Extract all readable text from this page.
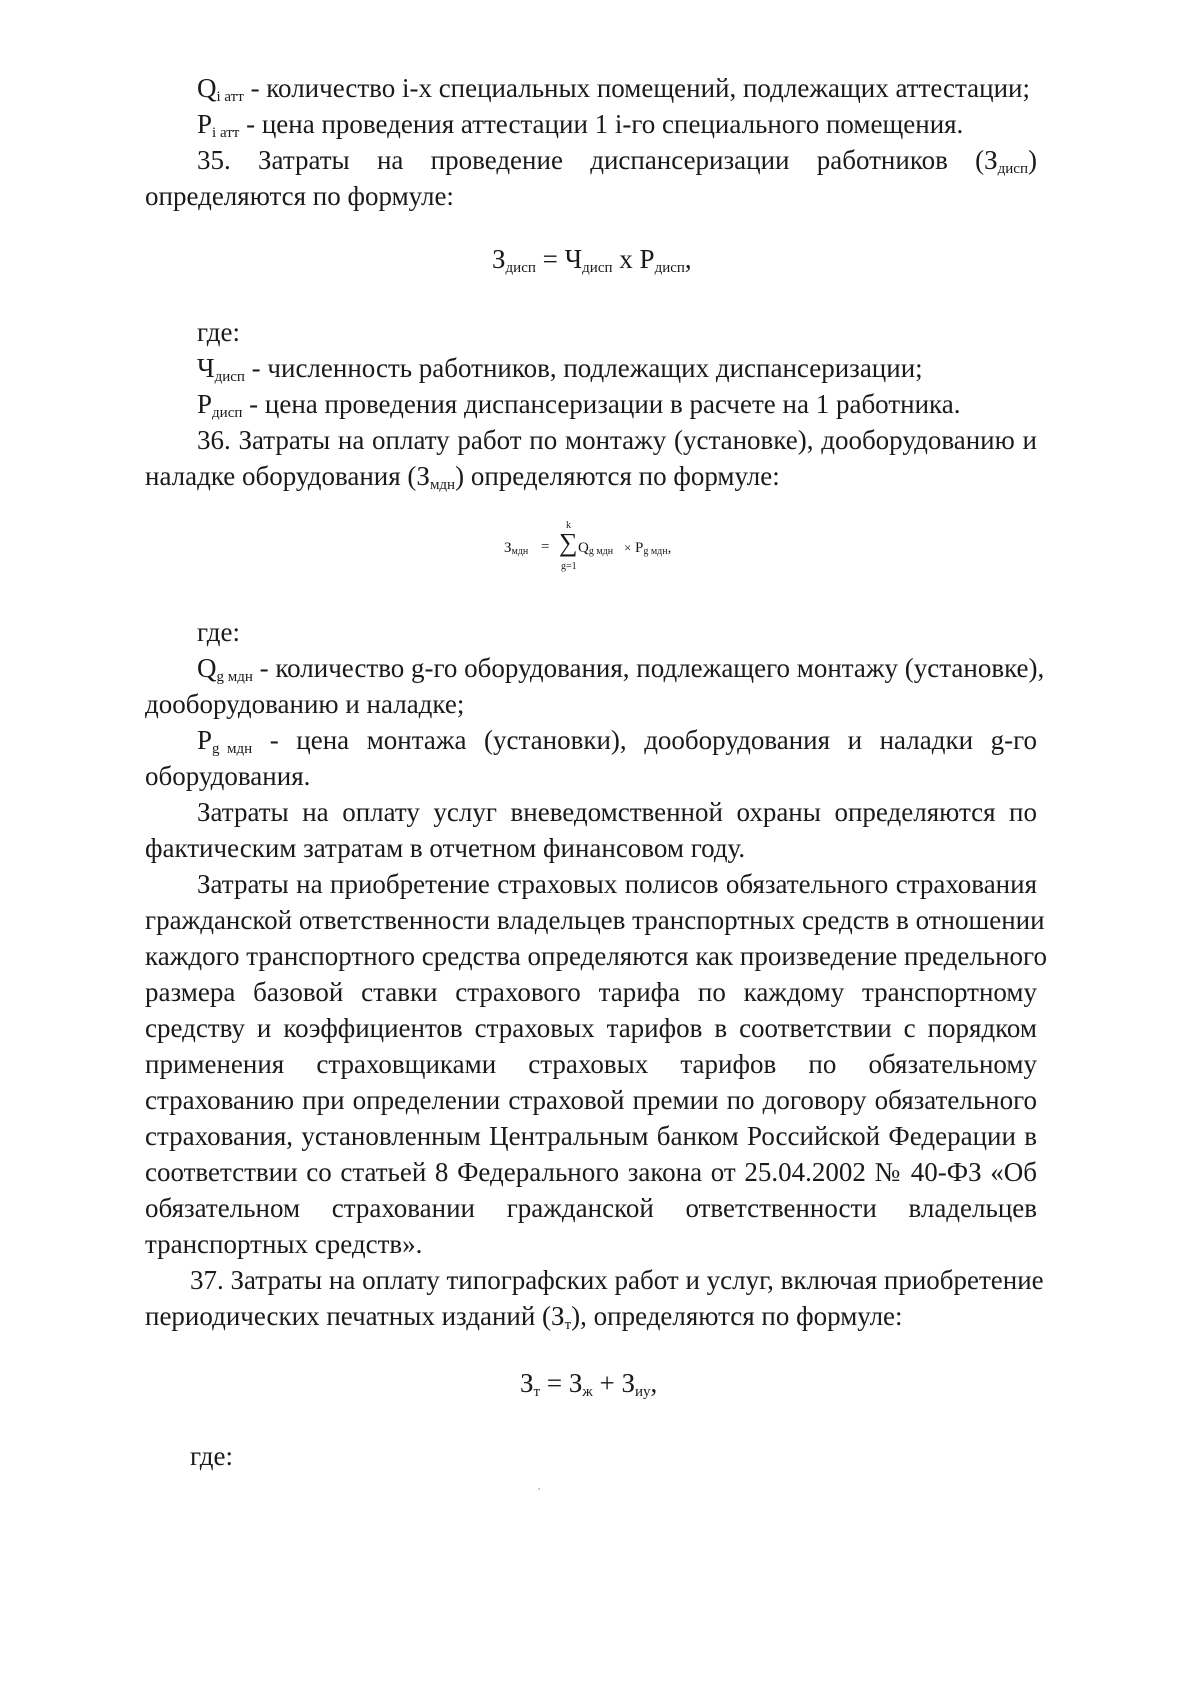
$Q_{i атт}$ - количество i-х специальных помещений, подлежащих аттестации;
$P_{i атт}$ - цена проведения аттестации 1 i-го специального помещения.
35. Затраты на проведение диспансеризации работников $(З_{дисп})$
определяются по формуле:
$З_{дисп} = Ч_{дисп}$ х $P_{дисп}$,
где:
$Ч_{дисп}$ - численность работников, подлежащих диспансеризации;
$P_{дисп}$ - цена проведения диспансеризации в расчете на 1 работника.
36. Затраты на оплату работ по монтажу (установке), дооборудованию и
наладке оборудования $(З_{мдн})$ определяются по формуле:
Змдн = ∑
k
g=1
Qg мдн × Pg мдн,
где:
$Q_{g мдн}$ - количество g-го оборудования, подлежащего монтажу (установке),
дооборудованию и наладке;
$P_{g мдн}$ - цена монтажа (установки), дооборудования и наладки g-го
оборудования.
Затраты на оплату услуг вневедомственной охраны определяются по
фактическим затратам в отчетном финансовом году.
Затраты на приобретение страховых полисов обязательного страхования
гражданской ответственности владельцев транспортных средств в отношении
каждого транспортного средства определяются как произведение предельного
размера базовой ставки страхового тарифа по каждому транспортному
средству и коэффициентов страховых тарифов в соответствии с порядком
применения страховщиками страховых тарифов по обязательному
страхованию при определении страховой премии по договору обязательного
страхования, установленным Центральным банком Российской Федерации в
соответствии со статьей 8 Федерального закона от 25.04.2002 № 40-ФЗ «Об
обязательном страховании гражданской ответственности владельцев
транспортных средств».
37. Затраты на оплату типографских работ и услуг, включая приобретение
периодических печатных изданий $(З_т)$, определяются по формуле:
$З_т = З_ж + З_{иу}$,
где:
